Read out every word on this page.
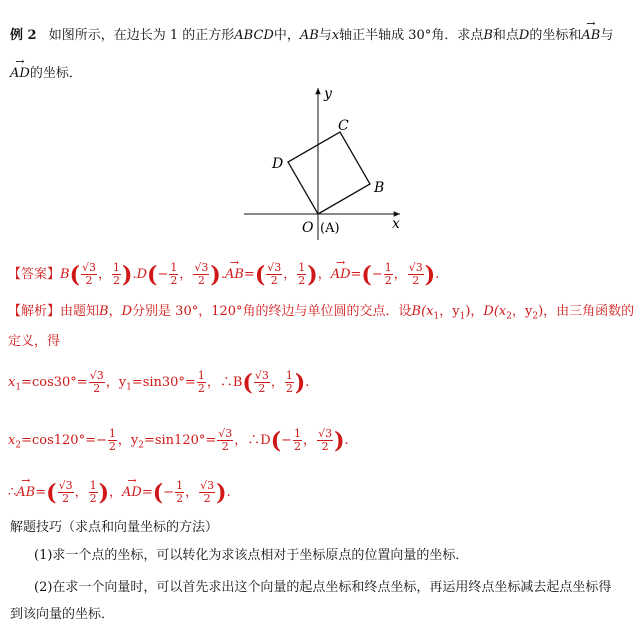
例 2 如图所示，在边长为 1 的正方形ABCD中，AB与x轴正半轴成 30°角．求点B和点D的坐标和→ AB与
→ AD的坐标．
y
x
C
D
B
O (A)
【答案】$B( \frac{√3}{2}$ ， $\frac{1}{2} ).D(- \frac{1}{2}$ ， $\frac{√3}{2}$ ).→ $AB=( \frac{√3}{2}$ ， $\frac{1}{2}$ )，→ $AD=(- \frac{1}{2}$ ， $\frac{√3}{2}$ ).
【解析】由题知B，D分别是 30°，120°角的终边与单位圆的交点．设$B(x_1$，$y_1$)，$D(x_2$，$y_2$)，由三角函数的
定义，得
$x_1=\cos 30^\circ= \frac{√3}{2}$ ，$y_1=\sin 30^\circ= \frac{1}{2}$ ，∴B( $\frac{√3}{2}$ ， $\frac{1}{2}$ ).
$x_2=\cos 120^\circ=- \frac{1}{2}$ ，$y_2=\sin 120^\circ= \frac{√3}{2}$ ，∴D(− $\frac{1}{2}$ ， $\frac{√3}{2}$ ).
∴→ $AB=( \frac{√3}{2}$ ， $\frac{1}{2}$ )，→ $AD=(- \frac{1}{2}$ ， $\frac{√3}{2}$ ).
解题技巧（求点和向量坐标的方法）
(1)求一个点的坐标，可以转化为求该点相对于坐标原点的位置向量的坐标．
(2)在求一个向量时，可以首先求出这个向量的起点坐标和终点坐标，再运用终点坐标减去起点坐标得
到该向量的坐标．
